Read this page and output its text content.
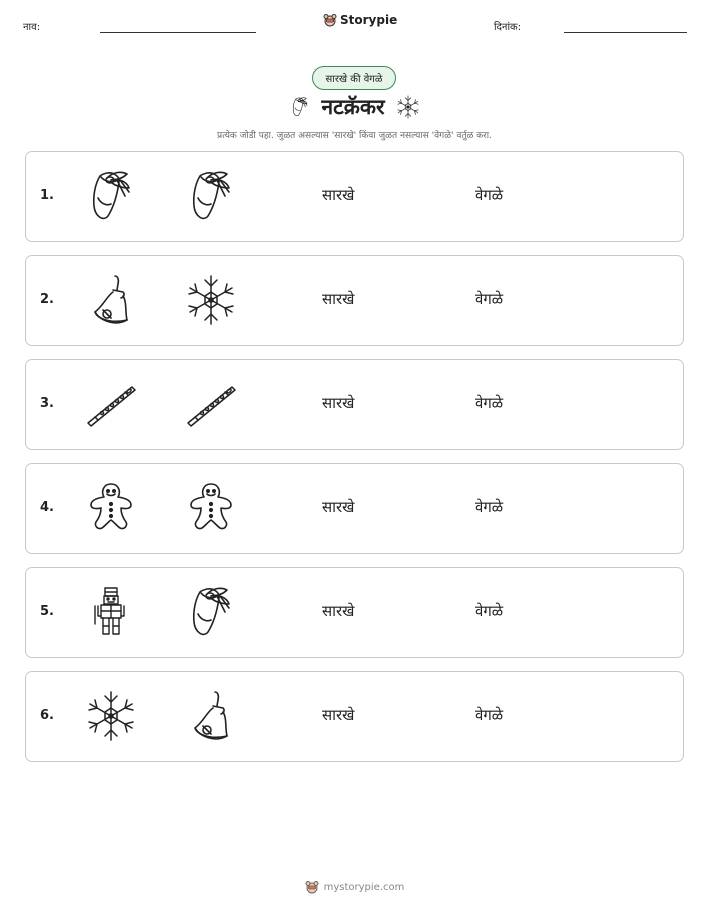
नाव:
Storypie
दिनांक:
सारखे की वेगळे
नटक्रॅकर
प्रत्येक जोडी पहा. जुळत असल्यास 'सारखे' किंवा जुळत नसल्यास 'वेगळे' वर्तुळ करा.
1.	सारखे	वेगळे
2.	सारखे	वेगळे
3.	सारखे	वेगळे
4.	सारखे	वेगळे
5.	सारखे	वेगळे
6.	सारखे	वेगळे
mystorypie.com
